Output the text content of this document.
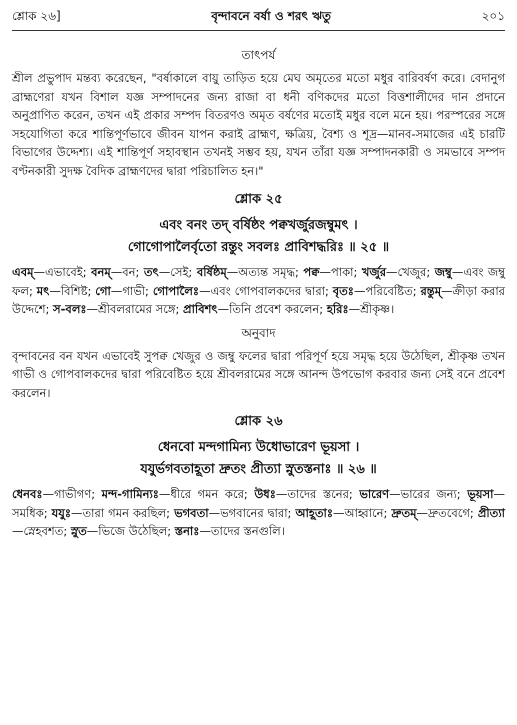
শ্লোক ২৬]	বৃন্দাবনে বর্ষা ও শরৎ ঋতু	২০১
তাৎপর্য

শ্রীল প্রভুপাদ মন্তব্য করেছেন, "বর্ষাকালে বায়ু তাড়িত হয়ে মেঘ অমৃতের মতো মধুর বারিবর্ষণ করে। বেদানুগ ব্রাহ্মণেরা যখন বিশাল যজ্ঞ সম্পাদনের জন্য রাজা বা ধনী বণিকদের মতো বিত্তশালীদের দান প্রদানে অনুপ্রাণিত করেন, তখন এই প্রকার সম্পদ বিতরণও অমৃত বর্ষণের মতোই মধুর বলে মনে হয়। পরস্পরের সঙ্গে সহযোগিতা করে শান্তিপূর্ণভাবে জীবন যাপন করাই ব্রাহ্মণ, ক্ষত্রিয়, বৈশ্য ও শূদ্র—মানব-সমাজের এই চারটি বিভাগের উদ্দেশ্য। এই শান্তিপূর্ণ সহাবস্থান তখনই সম্ভব হয়, যখন তাঁরা যজ্ঞ সম্পাদনকারী ও সমভাবে সম্পদ বণ্টনকারী সুদক্ষ বৈদিক ব্রাহ্মণদের দ্বারা পরিচালিত হন।"

শ্লোক ২৫

এবং বনং তদ্ বর্ষিষ্ঠং পক্বখর্জুরজম্বুমৎ ।

গোগোপালৈর্বৃতো রন্তুং সবলঃ প্রাবিশদ্ধরিঃ ॥ ২৫ ॥

এবম্—এভাবেই; বনম্—বন; তৎ—সেই; বর্ষিষ্ঠম্—অত্যন্ত সমৃদ্ধ; পক্ব—পাকা; খর্জুর—খেজুর; জম্বু—এবং জম্বু ফল; মৎ—বিশিষ্ট; গো—গাভী; গোপালৈঃ—এবং গোপবালকদের দ্বারা; বৃতঃ—পরিবেষ্টিত; রন্তুম্—ক্রীড়া করার উদ্দেশে; স-বলঃ—শ্রীবলরামের সঙ্গে; প্রাবিশৎ—তিনি প্রবেশ করলেন; হরিঃ—শ্রীকৃষ্ণ।

অনুবাদ

বৃন্দাবনের বন যখন এভাবেই সুপক্ব খেজুর ও জম্বু ফলের দ্বারা পরিপূর্ণ হয়ে সমৃদ্ধ হয়ে উঠেছিল, শ্রীকৃষ্ণ তখন গাভী ও গোপবালকদের দ্বারা পরিবেষ্টিত হয়ে শ্রীবলরামের সঙ্গে আনন্দ উপভোগ করবার জন্য সেই বনে প্রবেশ করলেন।

শ্লোক ২৬

ধেনবো মন্দগামিন্য উধোভারেণ ভূয়সা ।

যযুর্ভগবতাহূতা দ্রুতং প্রীত্যা স্নুতস্তনাঃ ॥ ২৬ ॥

ধেনবঃ—গাভীগণ; মন্দ-গামিন্যঃ—ধীরে গমন করে; উধঃ—তাদের স্তনের; ভারেণ—ভারের জন্য; ভূয়সা—সমধিক; যযুঃ—তারা গমন করছিল; ভগবতা—ভগবানের দ্বারা; আহূতাঃ—আহ্বানে; দ্রুতম্—দ্রুতবেগে; প্রীত্যা—স্নেহবশত; স্নুত—ভিজে উঠেছিল; স্তনাঃ—তাদের স্তনগুলি।
